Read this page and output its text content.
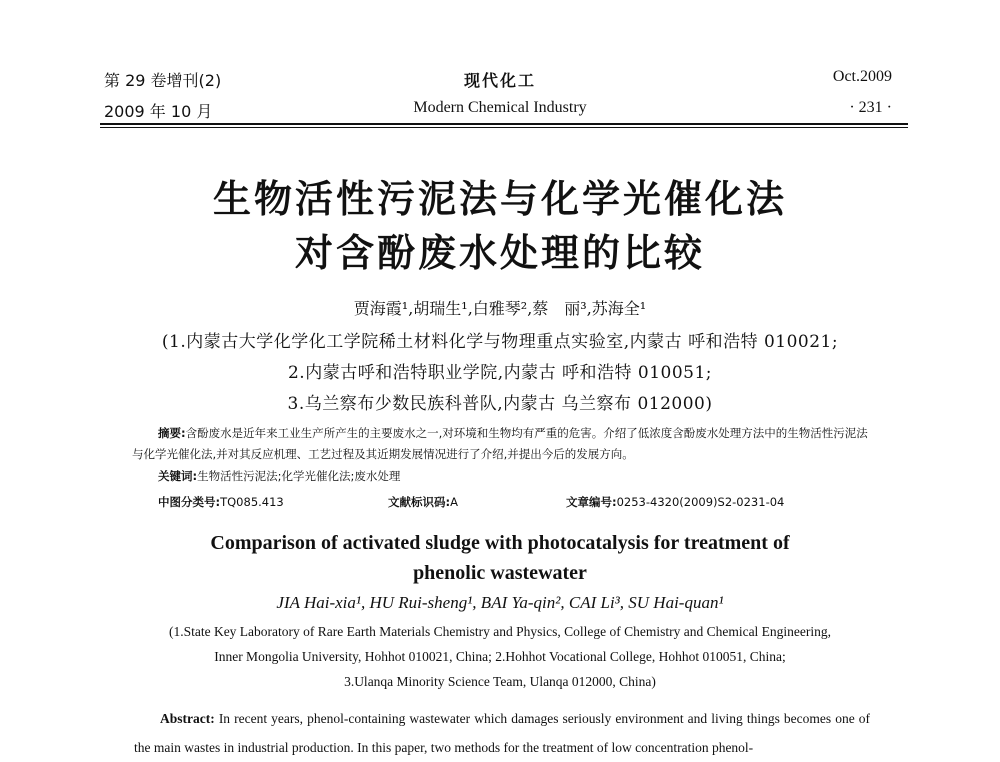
第 29 卷增刊(2)
2009 年 10 月
现代化工
Modern Chemical Industry
Oct.2009
· 231 ·
生物活性污泥法与化学光催化法
对含酚废水处理的比较
贾海霞¹,胡瑞生¹,白雅琴²,蔡　丽³,苏海全¹
(1.内蒙古大学化学化工学院稀土材料化学与物理重点实验室,内蒙古 呼和浩特 010021;
2.内蒙古呼和浩特职业学院,内蒙古 呼和浩特 010051;
3.乌兰察布少数民族科普队,内蒙古 乌兰察布 012000)
摘要:含酚废水是近年来工业生产所产生的主要废水之一,对环境和生物均有严重的危害。介绍了低浓度含酚废水处理方法中的生物活性污泥法与化学光催化法,并对其反应机理、工艺过程及其近期发展情况进行了介绍,并提出今后的发展方向。
关键词:生物活性污泥法;化学光催化法;废水处理
中图分类号:TQ085.413	文献标识码:A	文章编号:0253-4320(2009)S2-0231-04
Comparison of activated sludge with photocatalysis for treatment of
phenolic wastewater
JIA Hai-xia¹, HU Rui-sheng¹, BAI Ya-qin², CAI Li³, SU Hai-quan¹
(1.State Key Laboratory of Rare Earth Materials Chemistry and Physics, College of Chemistry and Chemical Engineering,
Inner Mongolia University, Hohhot 010021, China; 2.Hohhot Vocational College, Hohhot 010051, China;
3.Ulanqa Minority Science Team, Ulanqa 012000, China)
Abstract: In recent years, phenol-containing wastewater which damages seriously environment and living things becomes one of the main wastes in industrial production. In this paper, two methods for the treatment of low concentration phenol-
